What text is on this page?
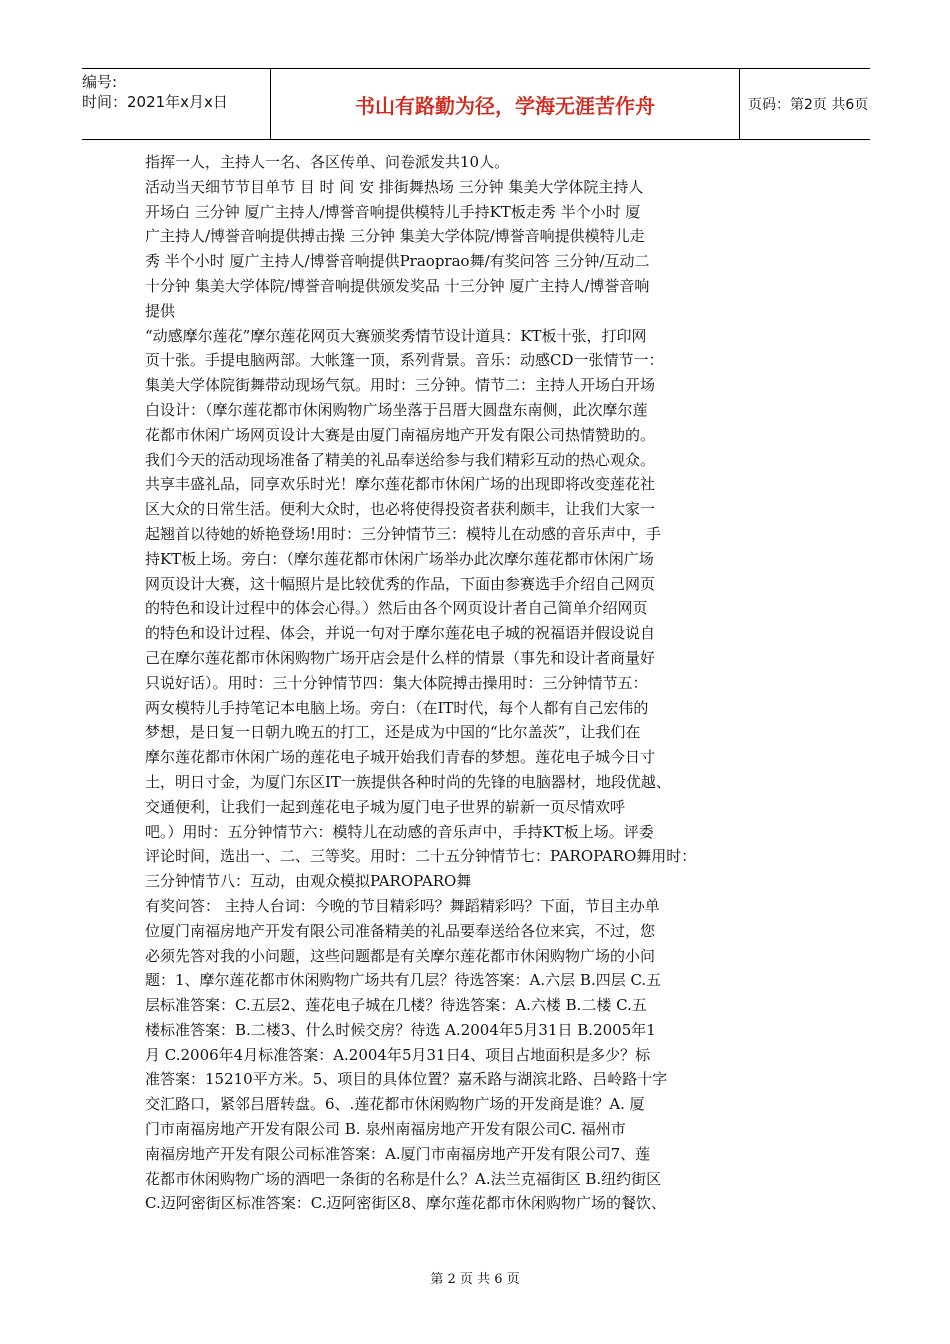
编号:
时间：2021年x月x日	书山有路勤为径，学海无涯苦作舟	页码：第2页 共6页
指挥一人，主持人一名、各区传单、问卷派发共10人。
活动当天细节节目单节 目 时 间 安 排街舞热场 三分钟 集美大学体院主持人
开场白 三分钟 厦广主持人/博誉音响提供模特儿手持KT板走秀 半个小时 厦
广主持人/博誉音响提供搏击操 三分钟 集美大学体院/博誉音响提供模特儿走
秀 半个小时 厦广主持人/博誉音响提供Praoprao舞/有奖问答 三分钟/互动二
十分钟 集美大学体院/博誉音响提供颁发奖品 十三分钟 厦广主持人/博誉音响
提供
“动感摩尔莲花”摩尔莲花网页大赛颁奖秀情节设计道具：KT板十张，打印网
页十张。手提电脑两部。大帐篷一顶，系列背景。音乐：动感CD一张情节一：
集美大学体院街舞带动现场气氛。用时：三分钟。情节二：主持人开场白开场
白设计：（摩尔莲花都市休闲购物广场坐落于吕厝大圆盘东南侧，此次摩尔莲
花都市休闲广场网页设计大赛是由厦门南福房地产开发有限公司热情赞助的。
我们今天的活动现场准备了精美的礼品奉送给参与我们精彩互动的热心观众。
共享丰盛礼品，同享欢乐时光！摩尔莲花都市休闲广场的出现即将改变莲花社
区大众的日常生活。便利大众时，也必将使得投资者获利颇丰，让我们大家一
起翘首以待她的娇艳登场!用时：三分钟情节三：模特儿在动感的音乐声中，手
持KT板上场。旁白：（摩尔莲花都市休闲广场举办此次摩尔莲花都市休闲广场
网页设计大赛，这十幅照片是比较优秀的作品，下面由参赛选手介绍自己网页
的特色和设计过程中的体会心得。）然后由各个网页设计者自己简单介绍网页
的特色和设计过程、体会，并说一句对于摩尔莲花电子城的祝福语并假设说自
己在摩尔莲花都市休闲购物广场开店会是什么样的情景（事先和设计者商量好
只说好话）。用时：三十分钟情节四：集大体院搏击操用时：三分钟情节五：
两女模特儿手持笔记本电脑上场。旁白：（在IT时代，每个人都有自己宏伟的
梦想，是日复一日朝九晚五的打工，还是成为中国的“比尔盖茨”，让我们在
摩尔莲花都市休闲广场的莲花电子城开始我们青春的梦想。莲花电子城今日寸
土，明日寸金，为厦门东区IT一族提供各种时尚的先锋的电脑器材，地段优越、
交通便利，让我们一起到莲花电子城为厦门电子世界的崭新一页尽情欢呼
吧。）用时：五分钟情节六：模特儿在动感的音乐声中，手持KT板上场。评委
评论时间，选出一、二、三等奖。用时：二十五分钟情节七：PAROPARO舞用时：
三分钟情节八：互动，由观众模拟PAROPARO舞
有奖问答： 主持人台词：今晚的节目精彩吗？舞蹈精彩吗？下面，节目主办单
位厦门南福房地产开发有限公司准备精美的礼品要奉送给各位来宾，不过，您
必须先答对我的小问题，这些问题都是有关摩尔莲花都市休闲购物广场的小问
题：1、摩尔莲花都市休闲购物广场共有几层？待选答案：A.六层 B.四层 C.五
层标准答案：C.五层2、莲花电子城在几楼？待选答案：A.六楼 B.二楼 C.五
楼标准答案：B.二楼3、什么时候交房？待选 A.2004年5月31日 B.2005年1
月 C.2006年4月标准答案：A.2004年5月31日4、项目占地面积是多少？标
准答案：15210平方米。5、项目的具体位置？嘉禾路与湖滨北路、吕岭路十字
交汇路口，紧邻吕厝转盘。6、.莲花都市休闲购物广场的开发商是谁？A. 厦
门市南福房地产开发有限公司 B. 泉州南福房地产开发有限公司C. 福州市
南福房地产开发有限公司标准答案：A.厦门市南福房地产开发有限公司7、莲
花都市休闲购物广场的酒吧一条街的名称是什么？A.法兰克福街区 B.纽约街区
C.迈阿密街区标准答案：C.迈阿密街区8、摩尔莲花都市休闲购物广场的餐饮、
第 2 页 共 6 页
